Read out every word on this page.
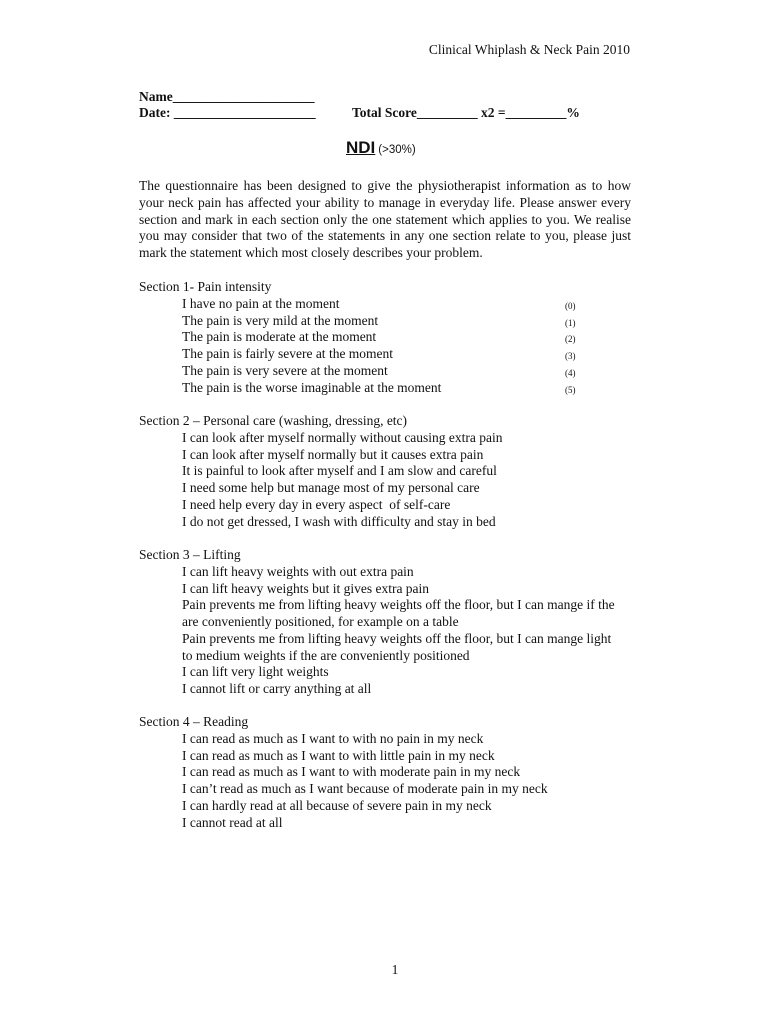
Clinical Whiplash & Neck Pain 2010
Name_____________________
Date: _____________________	Total Score_________ x2 =_________%
NDI (>30%)

The questionnaire has been designed to give the physiotherapist information as to how your neck pain has affected your ability to manage in everyday life. Please answer every section and mark in each section only the one statement which applies to you. We realise you may consider that two of the statements in any one section relate to you, please just mark the statement which most closely describes your problem.

Section 1- Pain intensity
I have no pain at the moment	(0)
The pain is very mild at the moment	(1)
The pain is moderate at the moment	(2)
The pain is fairly severe at the moment	(3)
The pain is very severe at the moment	(4)
The pain is the worse imaginable at the moment	(5)
Section 2 – Personal care (washing, dressing, etc)
I can look after myself normally without causing extra pain
I can look after myself normally but it causes extra pain
It is painful to look after myself and I am slow and careful
I need some help but manage most of my personal care
I need help every day in every aspect  of self-care
I do not get dressed, I wash with difficulty and stay in bed
Section 3 – Lifting
I can lift heavy weights with out extra pain
I can lift heavy weights but it gives extra pain
Pain prevents me from lifting heavy weights off the floor, but I can mange if the are conveniently positioned, for example on a table
Pain prevents me from lifting heavy weights off the floor, but I can mange light to medium weights if the are conveniently positioned
I can lift very light weights
I cannot lift or carry anything at all
Section 4 – Reading
I can read as much as I want to with no pain in my neck
I can read as much as I want to with little pain in my neck
I can read as much as I want to with moderate pain in my neck
I can’t read as much as I want because of moderate pain in my neck
I can hardly read at all because of severe pain in my neck
I cannot read at all
1
